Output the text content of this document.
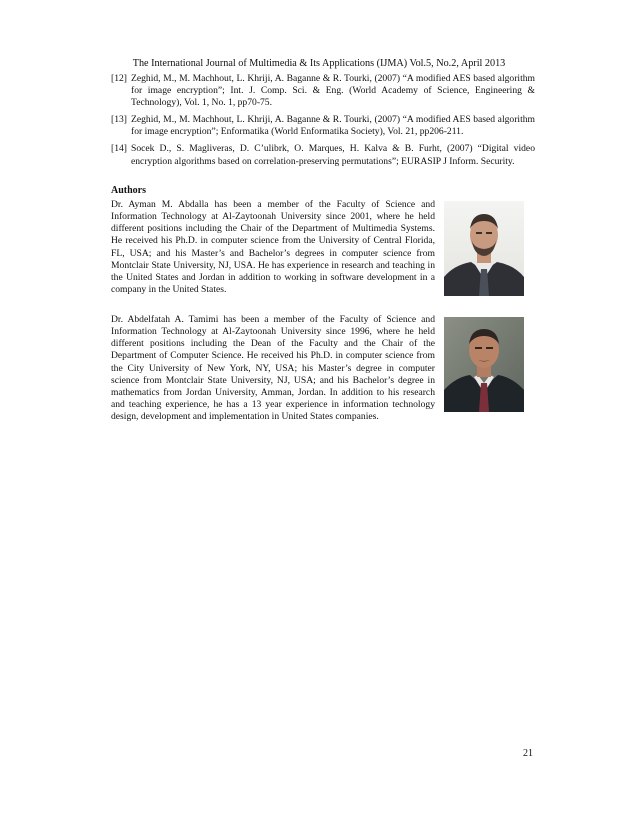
The International Journal of Multimedia & Its Applications (IJMA) Vol.5, No.2, April 2013
[12] Zeghid, M., M. Machhout, L. Khriji, A. Baganne & R. Tourki, (2007) “A modified AES based algorithm for image encryption”; Int. J. Comp. Sci. & Eng. (World Academy of Science, Engineering & Technology), Vol. 1, No. 1, pp70-75.
[13] Zeghid, M., M. Machhout, L. Khriji, A. Baganne & R. Tourki, (2007) “A modified AES based algorithm for image encryption”; Enformatika (World Enformatika Society), Vol. 21, pp206-211.
[14] Socek D., S. Magliveras, D. C’ulibrk, O. Marques, H. Kalva & B. Furht, (2007) “Digital video encryption algorithms based on correlation-preserving permutations”; EURASIP J Inform. Security.
Authors
Dr. Ayman M. Abdalla has been a member of the Faculty of Science and Information Technology at Al-Zaytoonah University since 2001, where he held different positions including the Chair of the Department of Multimedia Systems. He received his Ph.D. in computer science from the University of Central Florida, FL, USA; and his Master’s and Bachelor’s degrees in computer science from Montclair State University, NJ, USA. He has experience in research and teaching in the United States and Jordan in addition to working in software development in a company in the United States.
Dr. Abdelfatah A. Tamimi has been a member of the Faculty of Science and Information Technology at Al-Zaytoonah University since 1996, where he held different positions including the Dean of the Faculty and the Chair of the Department of Computer Science. He received his Ph.D. in computer science from the City University of New York, NY, USA; his Master’s degree in computer science from Montclair State University, NJ, USA; and his Bachelor’s degree in mathematics from Jordan University, Amman, Jordan. In addition to his research and teaching experience, he has a 13 year experience in information technology design, development and implementation in United States companies.
21
